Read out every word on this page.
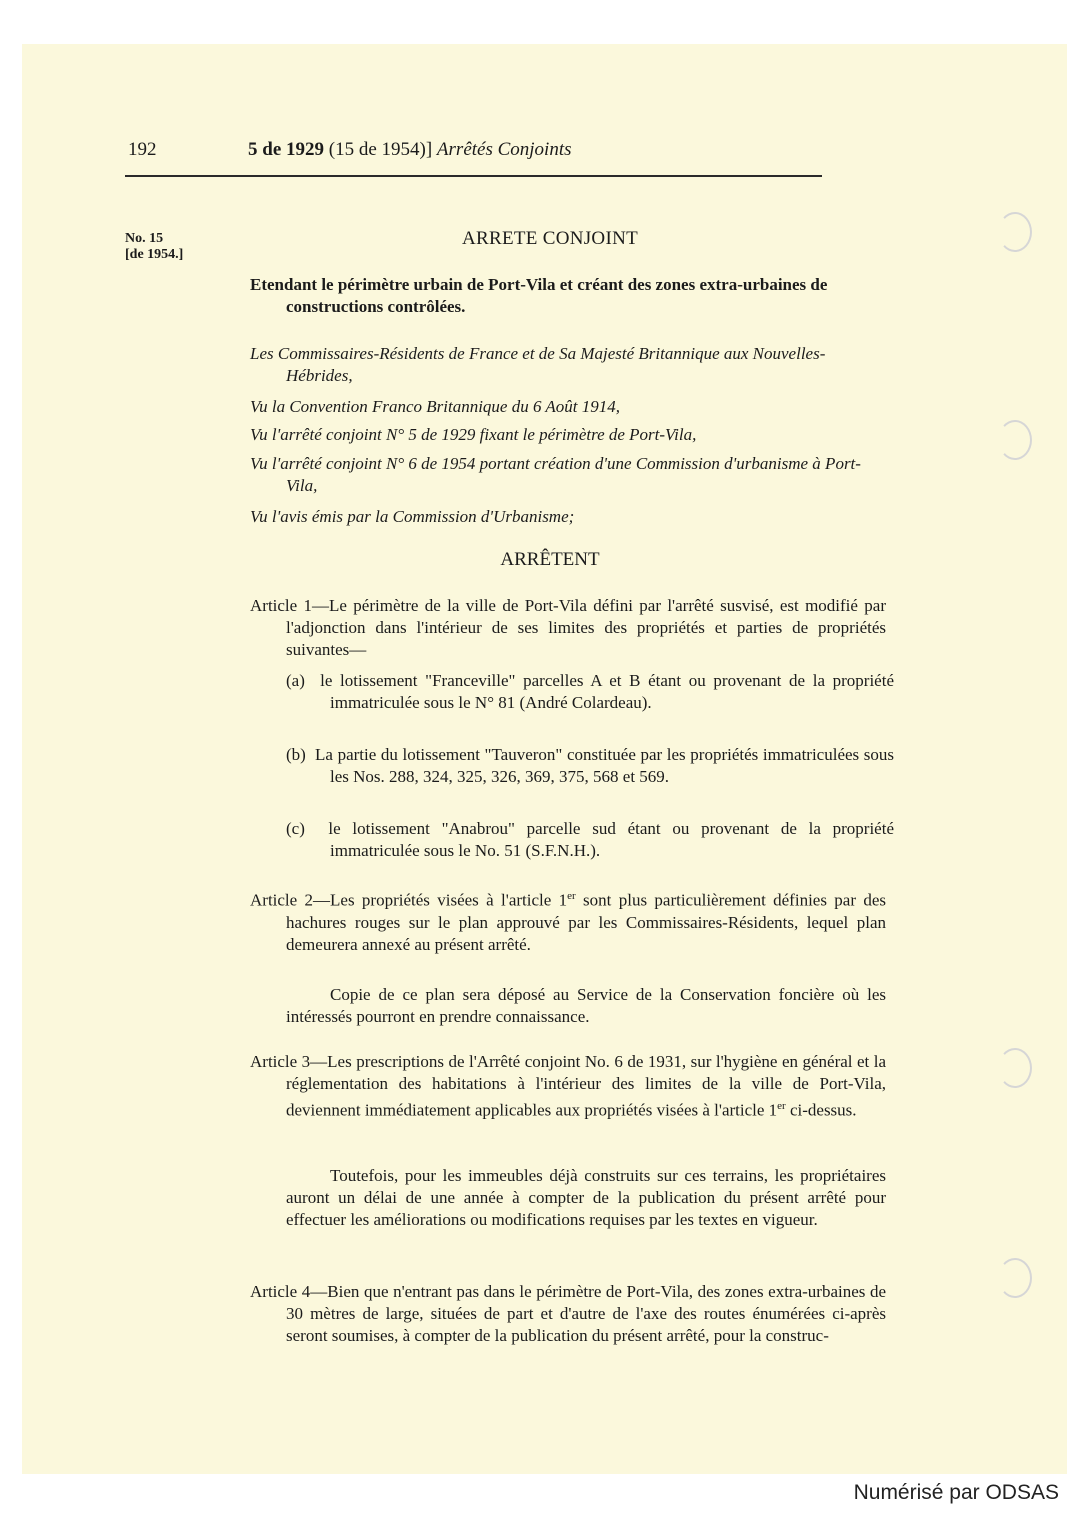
192	5 de 1929 (15 de 1954)] Arrêtés Conjoints
No. 15
[de 1954.]
ARRETE CONJOINT
Etendant le périmètre urbain de Port-Vila et créant des zones extra-urbaines de constructions contrôlées.
Les Commissaires-Résidents de France et de Sa Majesté Britannique aux Nouvelles-Hébrides,
Vu la Convention Franco Britannique du 6 Août 1914,
Vu l'arrêté conjoint N° 5 de 1929 fixant le périmètre de Port-Vila,
Vu l'arrêté conjoint N° 6 de 1954 portant création d'une Commission d'urbanisme à Port-Vila,
Vu l'avis émis par la Commission d'Urbanisme;
ARRÊTENT
Article 1—Le périmètre de la ville de Port-Vila défini par l'arrêté susvisé, est modifié par l'adjonction dans l'intérieur de ses limites des propriétés et parties de propriétés suivantes—
(a)  le lotissement "Franceville" parcelles A et B étant ou provenant de la propriété immatriculée sous le N° 81 (André Colardeau).
(b)  La partie du lotissement "Tauveron" constituée par les propriétés immatriculées sous les Nos. 288, 324, 325, 326, 369, 375, 568 et 569.
(c)  le lotissement "Anabrou" parcelle sud étant ou provenant de la propriété immatriculée sous le No. 51 (S.F.N.H.).
Article 2—Les propriétés visées à l'article 1er sont plus particulièrement définies par des hachures rouges sur le plan approuvé par les Commissaires-Résidents, lequel plan demeurera annexé au présent arrêté.
Copie de ce plan sera déposé au Service de la Conservation foncière où les intéressés pourront en prendre connaissance.
Article 3—Les prescriptions de l'Arrêté conjoint No. 6 de 1931, sur l'hygiène en général et la réglementation des habitations à l'intérieur des limites de la ville de Port-Vila, deviennent immédiatement applicables aux propriétés visées à l'article 1er ci-dessus.
Toutefois, pour les immeubles déjà construits sur ces terrains, les propriétaires auront un délai de une année à compter de la publication du présent arrêté pour effectuer les améliorations ou modifications requises par les textes en vigueur.
Article 4—Bien que n'entrant pas dans le périmètre de Port-Vila, des zones extra-urbaines de 30 mètres de large, situées de part et d'autre de l'axe des routes énumérées ci-après seront soumises, à compter de la publication du présent arrêté, pour la construc-
Numérisé par ODSAS
